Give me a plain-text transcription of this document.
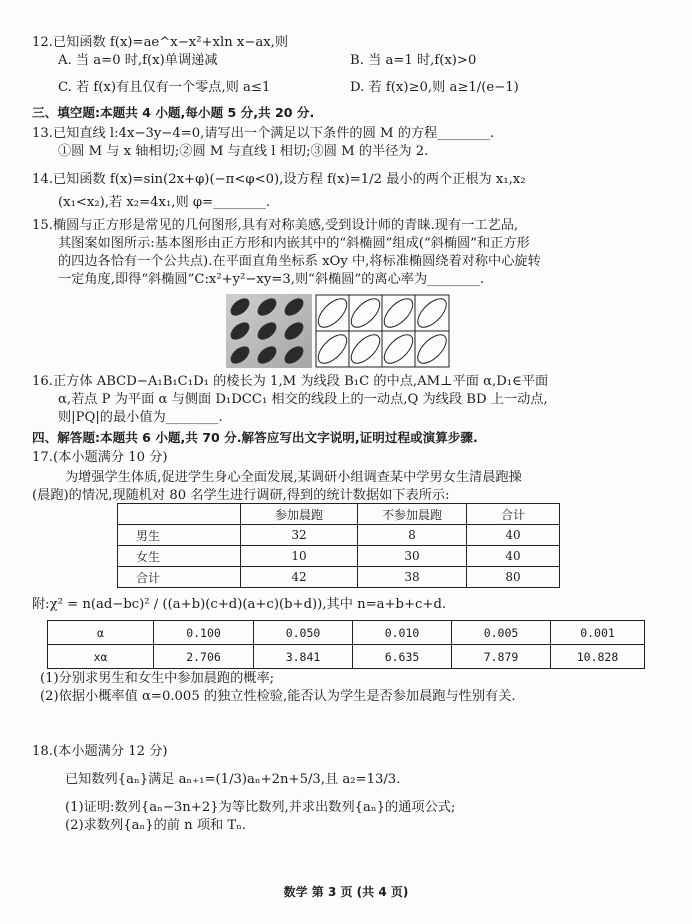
12.已知函数 f(x)=ae^x−x²+xln x−ax,则
A. 当 a=0 时,f(x)单调递减	B. 当 a=1 时,f(x)>0
C. 若 f(x)有且仅有一个零点,则 a≤1	D. 若 f(x)≥0,则 a≥1/(e−1)
三、填空题:本题共 4 小题,每小题 5 分,共 20 分.
13.已知直线 l:4x−3y−4=0,请写出一个满足以下条件的圆 M 的方程________.
①圆 M 与 x 轴相切;②圆 M 与直线 l 相切;③圆 M 的半径为 2.
14.已知函数 f(x)=sin(2x+φ)(−π<φ<0),设方程 f(x)=1/2 最小的两个正根为 x₁,x₂
(x₁<x₂),若 x₂=4x₁,则 φ=________.
15.椭圆与正方形是常见的几何图形,具有对称美感,受到设计师的青睐.现有一工艺品,
其图案如图所示:基本图形由正方形和内嵌其中的“斜椭圆”组成(“斜椭圆”和正方形
的四边各恰有一个公共点).在平面直角坐标系 xOy 中,将标准椭圆绕着对称中心旋转
一定角度,即得“斜椭圆”C:x²+y²−xy=3,则“斜椭圆”的离心率为________.
16.正方体 ABCD−A₁B₁C₁D₁ 的棱长为 1,M 为线段 B₁C 的中点,AM⊥平面 α,D₁∈平面
α,若点 P 为平面 α 与侧面 D₁DCC₁ 相交的线段上的一动点,Q 为线段 BD 上一动点,
则|PQ|的最小值为________.
四、解答题:本题共 6 小题,共 70 分.解答应写出文字说明,证明过程或演算步骤.
17.(本小题满分 10 分)
为增强学生体质,促进学生身心全面发展,某调研小组调查某中学男女生清晨跑操
(晨跑)的情况,现随机对 80 名学生进行调研,得到的统计数据如下表所示:
	参加晨跑	不参加晨跑	合计
男生	32	8	40
女生	10	30	40
合计	42	38	80
附:χ² = n(ad−bc)² / ((a+b)(c+d)(a+c)(b+d)),其中 n=a+b+c+d.
α	0.100	0.050	0.010	0.005	0.001
xα	2.706	3.841	6.635	7.879	10.828
(1)分别求男生和女生中参加晨跑的概率;
(2)依据小概率值 α=0.005 的独立性检验,能否认为学生是否参加晨跑与性别有关.
18.(本小题满分 12 分)
已知数列{aₙ}满足 aₙ₊₁=(1/3)aₙ+2n+5/3,且 a₂=13/3.
(1)证明:数列{aₙ−3n+2}为等比数列,并求出数列{aₙ}的通项公式;
(2)求数列{aₙ}的前 n 项和 Tₙ.
数学 第 3 页 (共 4 页)
